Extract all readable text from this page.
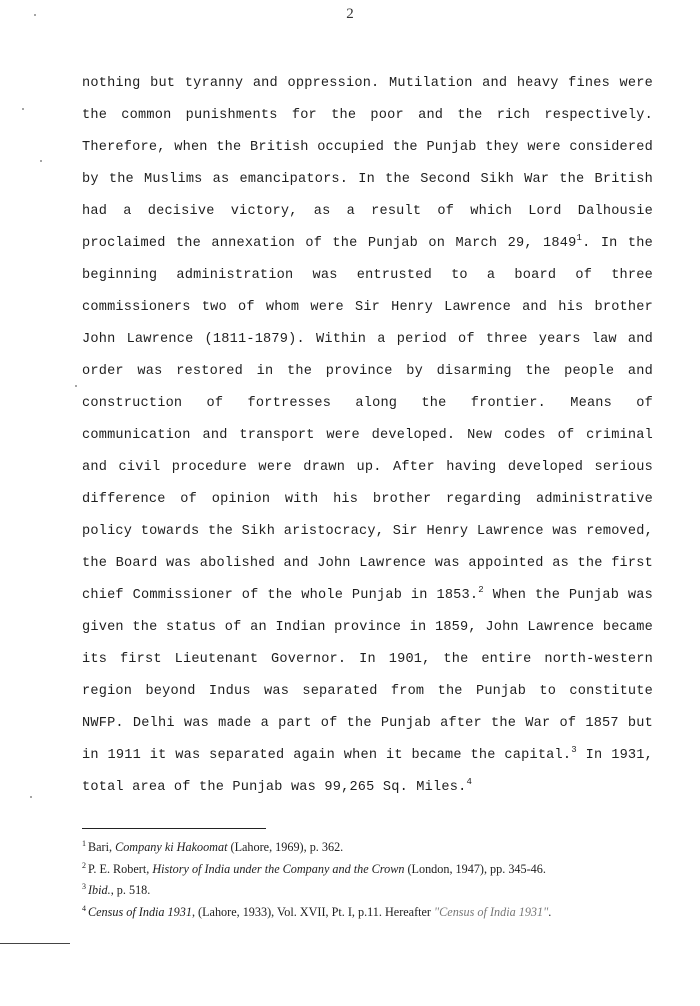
2

nothing but tyranny and oppression. Mutilation and heavy fines were the common punishments for the poor and the rich respectively. Therefore, when the British occupied the Punjab they were considered by the Muslims as emancipators. In the Second Sikh War the British had a decisive victory, as a result of which Lord Dalhousie proclaimed the annexation of the Punjab on March 29, 1849$^1$. In the beginning administration was entrusted to a board of three commissioners two of whom were Sir Henry Lawrence and his brother John Lawrence (1811-1879). Within a period of three years law and order was restored in the province by disarming the people and construction of fortresses along the frontier. Means of communication and transport were developed. New codes of criminal and civil procedure were drawn up. After having developed serious difference of opinion with his brother regarding administrative policy towards the Sikh aristocracy, Sir Henry Lawrence was removed, the Board was abolished and John Lawrence was appointed as the first chief Commissioner of the whole Punjab in 1853.$^2$ When the Punjab was given the status of an Indian province in 1859, John Lawrence became its first Lieutenant Governor. In 1901, the entire north-western region beyond Indus was separated from the Punjab to constitute NWFP. Delhi was made a part of the Punjab after the War of 1857 but in 1911 it was separated again when it became the capital.$^3$ In 1931, total area of the Punjab was 99,265 Sq. Miles.$^4$

$^1$ Bari, Company ki Hakoomat (Lahore, 1969), p. 362.

$^2$ P. E. Robert, History of India under the Company and the Crown (London, 1947), pp. 345-46.

$^3$ Ibid., p. 518.

$^4$ Census of India 1931, (Lahore, 1933), Vol. XVII, Pt. I, p.11. Hereafter "Census of India 1931".
